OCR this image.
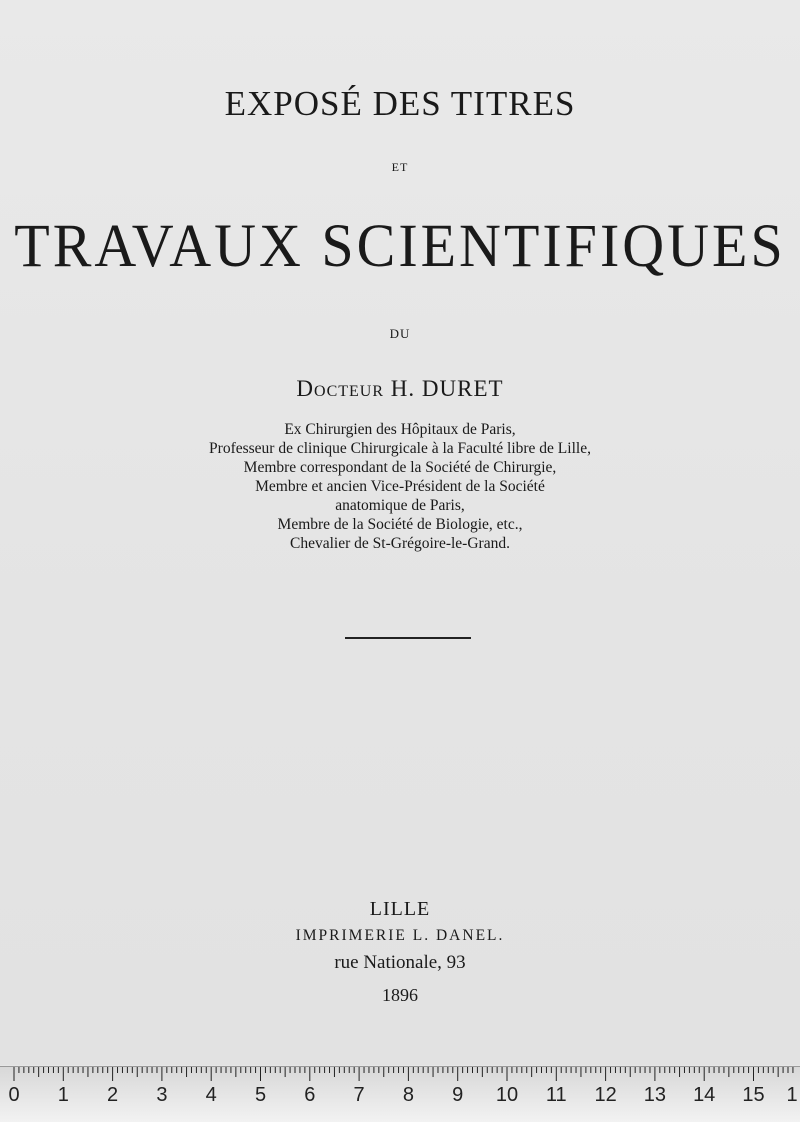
EXPOSÉ DES TITRES
ET
TRAVAUX SCIENTIFIQUES
DU
Docteur H. DURET
Ex Chirurgien des Hôpitaux de Paris,
Professeur de clinique Chirurgicale à la Faculté libre de Lille,
Membre correspondant de la Société de Chirurgie,
Membre et ancien Vice-Président de la Société
anatomique de Paris,
Membre de la Société de Biologie, etc.,
Chevalier de St-Grégoire-le-Grand.
LILLE
IMPRIMERIE L. DANEL.
rue Nationale, 93
1896
0 1 2 3 4 5 6 7 8 9 10 11 12 13 14 15 1
